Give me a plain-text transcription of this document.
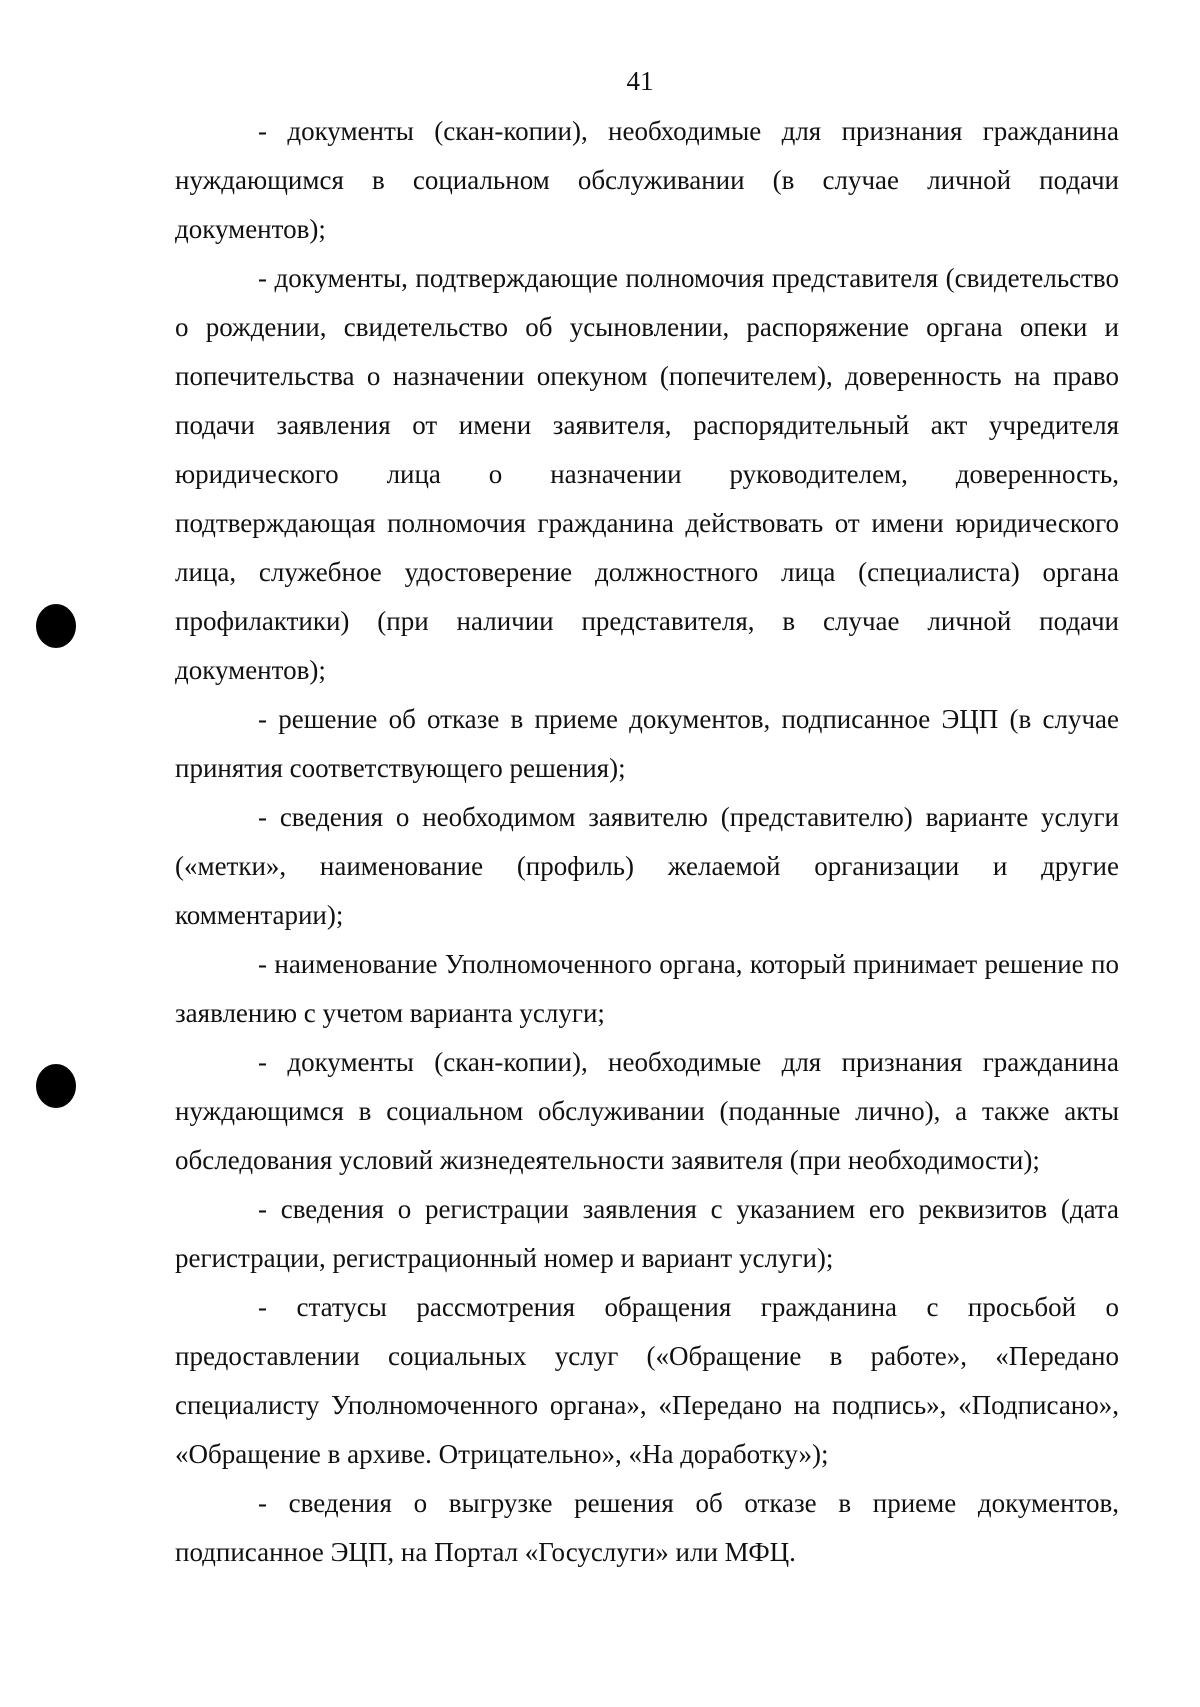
41

- документы (скан-копии), необходимые для признания гражданина нуждающимся в социальном обслуживании (в случае личной подачи документов);

- документы, подтверждающие полномочия представителя (свидетельство о рождении, свидетельство об усыновлении, распоряжение органа опеки и попечительства о назначении опекуном (попечителем), доверенность на право подачи заявления от имени заявителя, распорядительный акт учредителя юридического лица о назначении руководителем, доверенность, подтверждающая полномочия гражданина действовать от имени юридического лица, служебное удостоверение должностного лица (специалиста) органа профилактики) (при наличии представителя, в случае личной подачи документов);

- решение об отказе в приеме документов, подписанное ЭЦП (в случае принятия соответствующего решения);

- сведения о необходимом заявителю (представителю) варианте услуги («метки», наименование (профиль) желаемой организации и другие комментарии);

- наименование Уполномоченного органа, который принимает решение по заявлению с учетом варианта услуги;

- документы (скан-копии), необходимые для признания гражданина нуждающимся в социальном обслуживании (поданные лично), а также акты обследования условий жизнедеятельности заявителя (при необходимости);

- сведения о регистрации заявления с указанием его реквизитов (дата регистрации, регистрационный номер и вариант услуги);

- статусы рассмотрения обращения гражданина с просьбой о предоставлении социальных услуг («Обращение в работе», «Передано специалисту Уполномоченного органа», «Передано на подпись», «Подписано», «Обращение в архиве. Отрицательно», «На доработку»);

- сведения о выгрузке решения об отказе в приеме документов, подписанное ЭЦП, на Портал «Госуслуги» или МФЦ.
